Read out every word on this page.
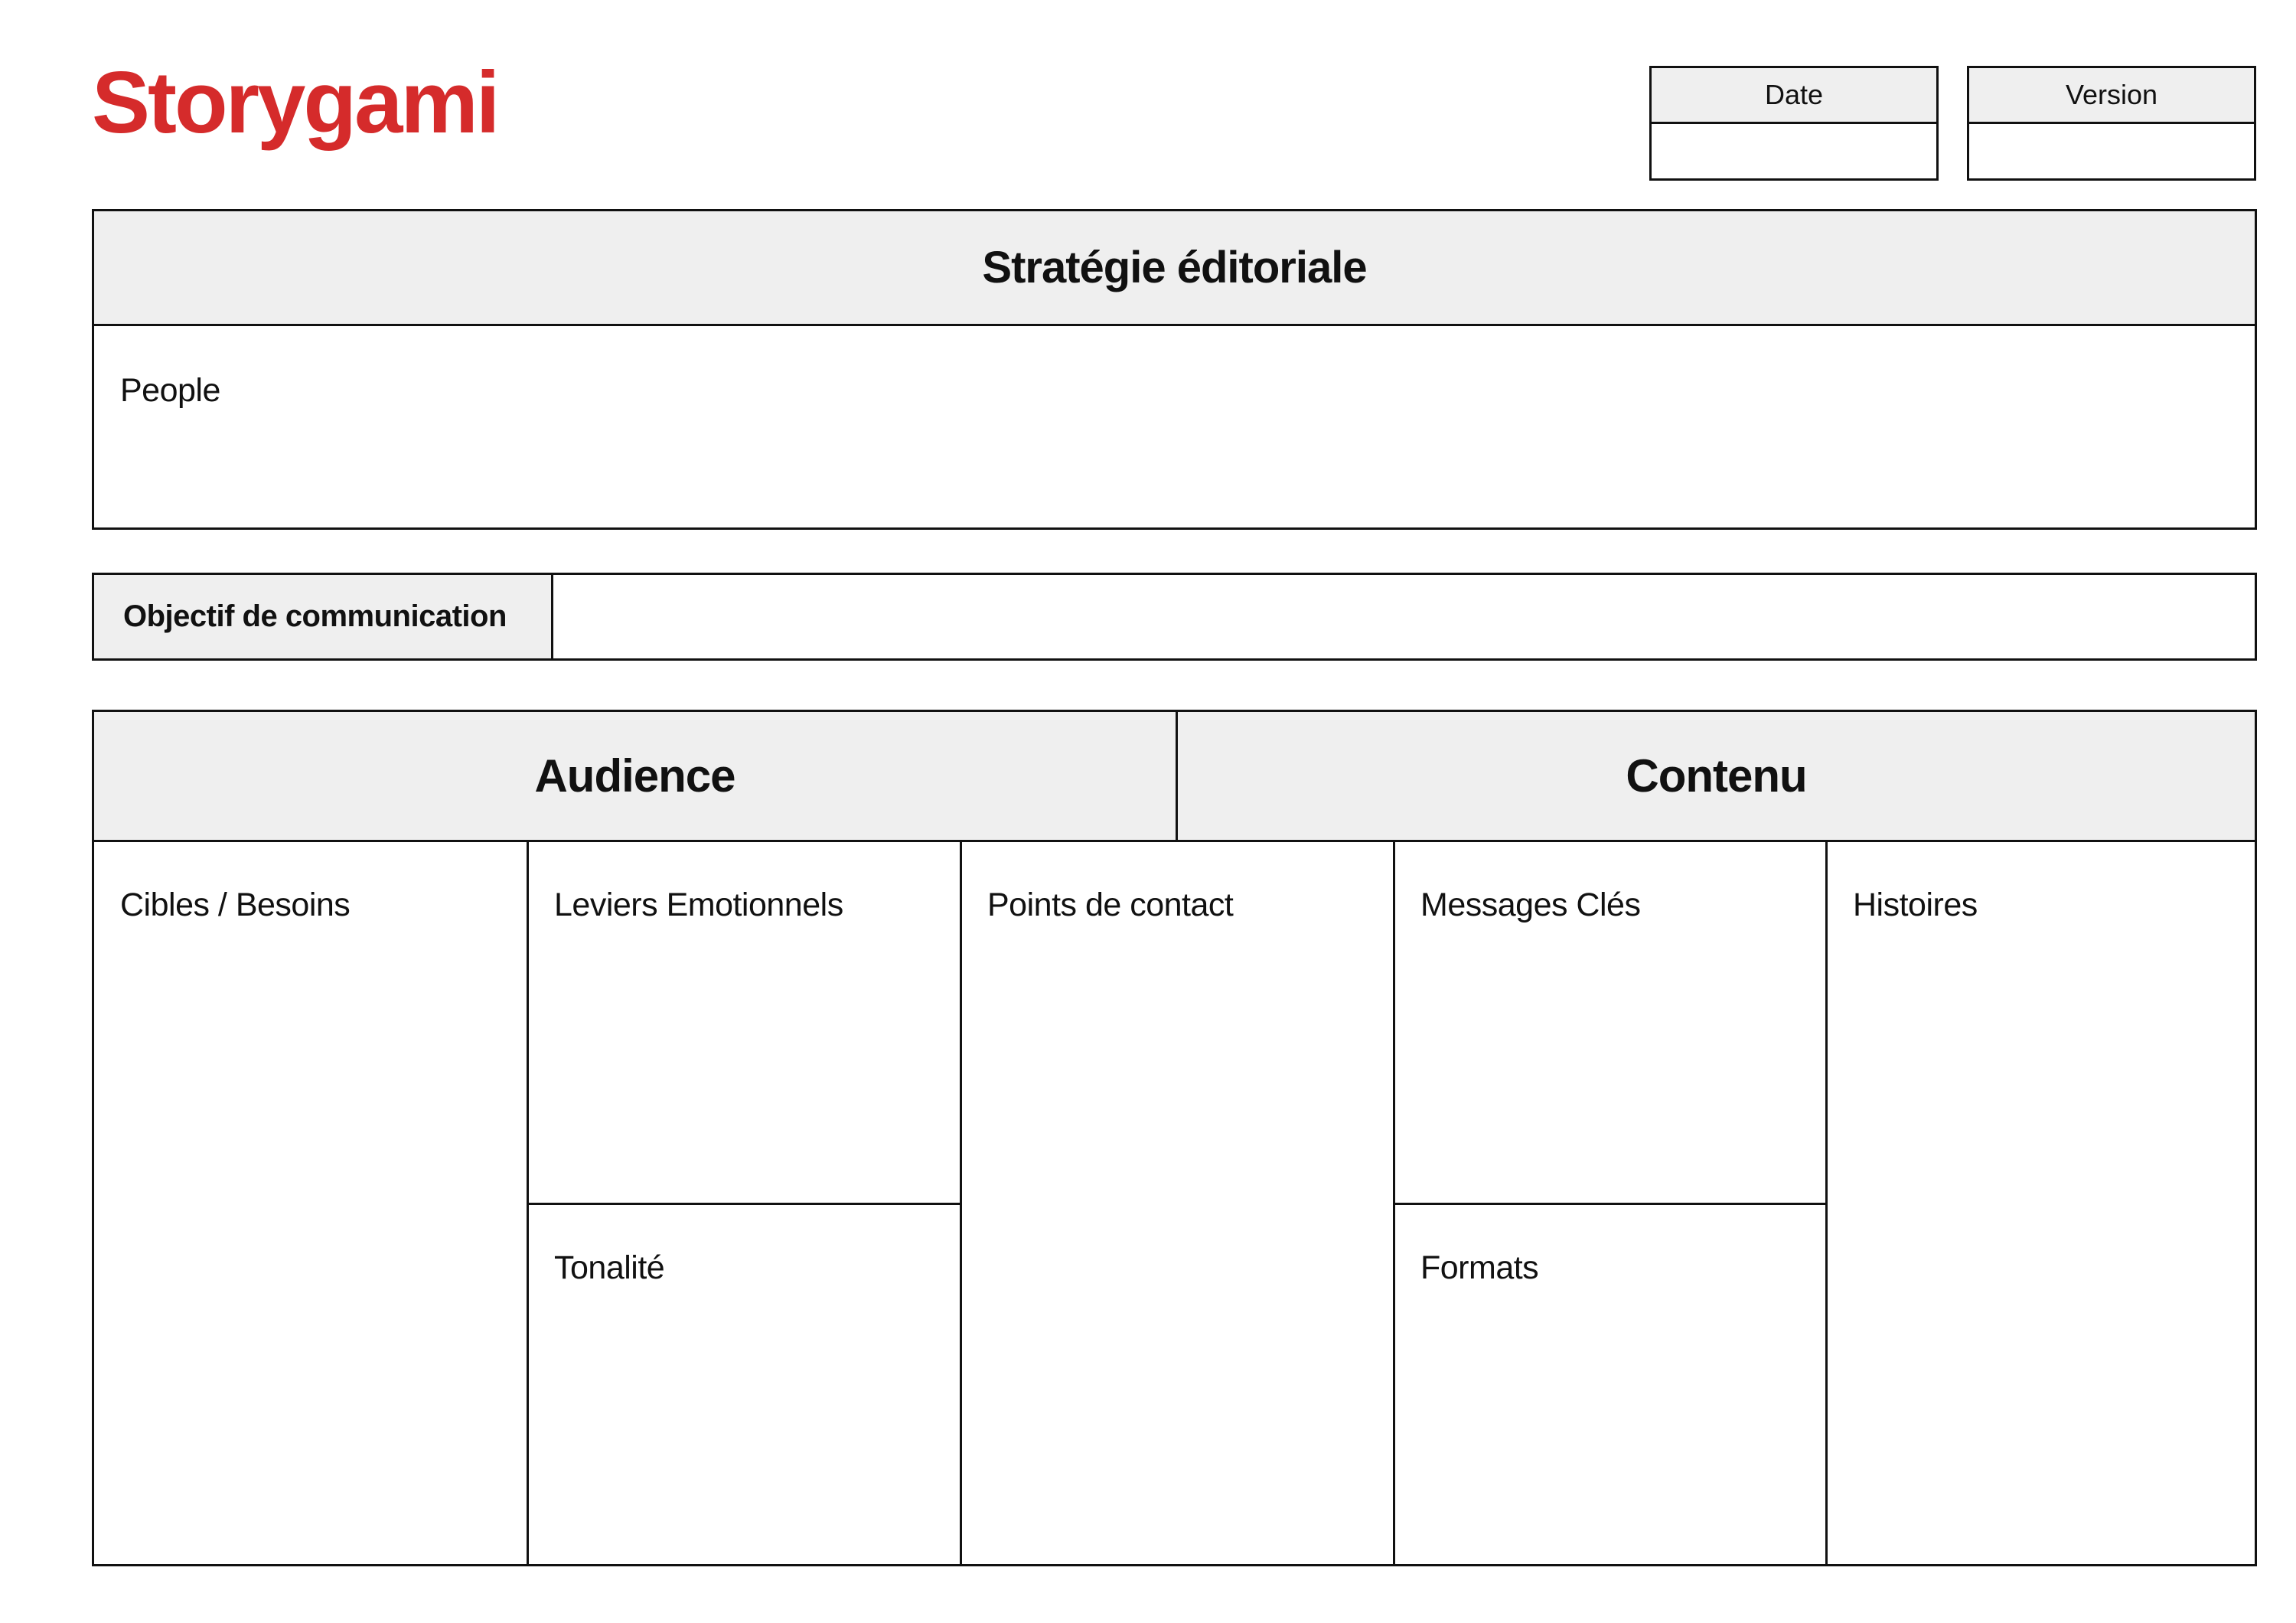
Storygami	Date	Version
Stratégie éditoriale
People
Objectif de communication
Audience	Contenu
Cibles / Besoins	Leviers Emotionnels
Tonalité
Points de contact	Messages Clés
Formats
Histoires
